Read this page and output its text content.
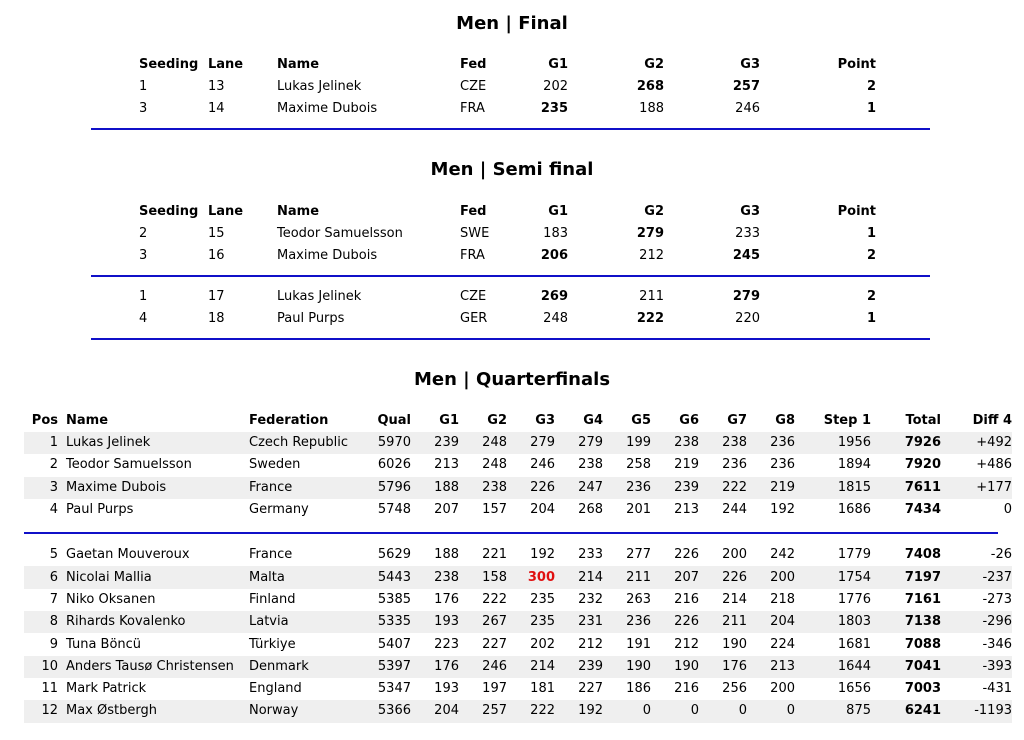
Men | Final
Seeding	Lane	Name	Fed	G1	G2	G3	Point
1	13	Lukas Jelinek	CZE	202	268	257	2
3	14	Maxime Dubois	FRA	235	188	246	1
Men | Semi final
Seeding	Lane	Name	Fed	G1	G2	G3	Point
2	15	Teodor Samuelsson	SWE	183	279	233	1
3	16	Maxime Dubois	FRA	206	212	245	2
1	17	Lukas Jelinek	CZE	269	211	279	2
4	18	Paul Purps	GER	248	222	220	1
Men | Quarterfinals
Pos	Name	Federation	Qual	G1	G2	G3	G4	G5	G6	G7	G8	Step 1	Total	Diff 4
1	Lukas Jelinek	Czech Republic	5970	239	248	279	279	199	238	238	236	1956	7926	+492
2	Teodor Samuelsson	Sweden	6026	213	248	246	238	258	219	236	236	1894	7920	+486
3	Maxime Dubois	France	5796	188	238	226	247	236	239	222	219	1815	7611	+177
4	Paul Purps	Germany	5748	207	157	204	268	201	213	244	192	1686	7434	0

5	Gaetan Mouveroux	France	5629	188	221	192	233	277	226	200	242	1779	7408	-26
6	Nicolai Mallia	Malta	5443	238	158	300	214	211	207	226	200	1754	7197	-237
7	Niko Oksanen	Finland	5385	176	222	235	232	263	216	214	218	1776	7161	-273
8	Rihards Kovalenko	Latvia	5335	193	267	235	231	236	226	211	204	1803	7138	-296
9	Tuna Böncü	Türkiye	5407	223	227	202	212	191	212	190	224	1681	7088	-346
10	Anders Tausø Christensen	Denmark	5397	176	246	214	239	190	190	176	213	1644	7041	-393
11	Mark Patrick	England	5347	193	197	181	227	186	216	256	200	1656	7003	-431
12	Max Østbergh	Norway	5366	204	257	222	192	0	0	0	0	875	6241	-1193
